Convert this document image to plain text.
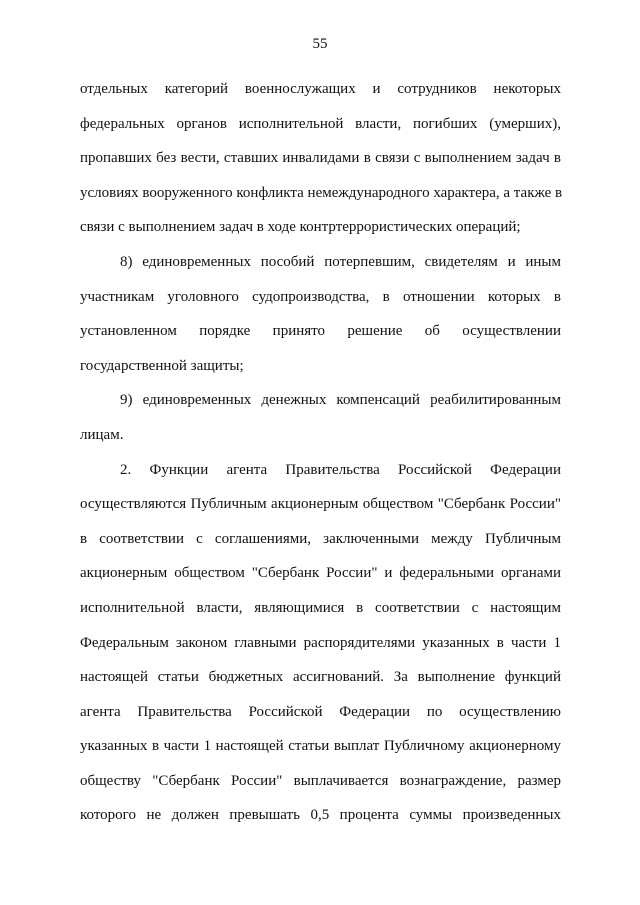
55
отдельных категорий военнослужащих и сотрудников некоторых
федеральных органов исполнительной власти, погибших (умерших),
пропавших без вести, ставших инвалидами в связи с выполнением задач в
условиях вооруженного конфликта немеждународного характера, а также в
связи с выполнением задач в ходе контртеррористических операций;
8) единовременных пособий потерпевшим, свидетелям и иным
участникам уголовного судопроизводства, в отношении которых в
установленном порядке принято решение об осуществлении
государственной защиты;
9) единовременных денежных компенсаций реабилитированным
лицам.
2. Функции агента Правительства Российской Федерации
осуществляются Публичным акционерным обществом "Сбербанк России"
в соответствии с соглашениями, заключенными между Публичным
акционерным обществом "Сбербанк России" и федеральными органами
исполнительной власти, являющимися в соответствии с настоящим
Федеральным законом главными распорядителями указанных в части 1
настоящей статьи бюджетных ассигнований. За выполнение функций
агента Правительства Российской Федерации по осуществлению
указанных в части 1 настоящей статьи выплат Публичному акционерному
обществу "Сбербанк России" выплачивается вознаграждение, размер
которого не должен превышать 0,5 процента суммы произведенных
